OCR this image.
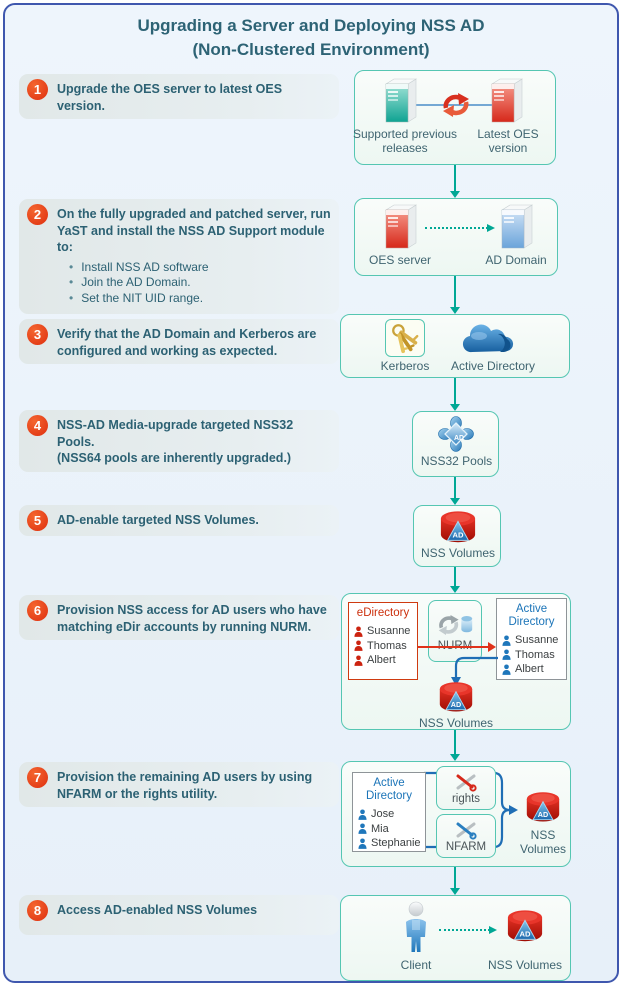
Upgrading a Server and Deploying NSS AD
(Non-Clustered Environment)
1	Upgrade the OES server to latest OES version.
2	On the fully upgraded and patched server, run YaST and install the NSS AD Support module to:
• Install NSS AD software
• Join the AD Domain.
• Set the NIT UID range.
3	Verify that the AD Domain and Kerberos are configured and working as expected.
4	NSS-AD Media-upgrade targeted NSS32 Pools.
(NSS64 pools are inherently upgraded.)
5	AD-enable targeted NSS Volumes.
6	Provision NSS access for AD users who have matching eDir accounts by running NURM.
7	Provision the remaining AD users by using NFARM or the rights utility.
8	Access AD-enabled NSS Volumes
Supported previous releases
Latest OES version
OES server	AD Domain
Kerberos	Active Directory
AD
NSS32 Pools
AD
NSS Volumes
eDirectory
Susanne
Thomas
Albert
Active Directory
Susanne
Thomas
Albert
AD
NSS Volumes
Active Directory
Jose
Mia
Stephanie
rights
NFARM
AD
NSS Volumes
AD
Client	NSS Volumes
